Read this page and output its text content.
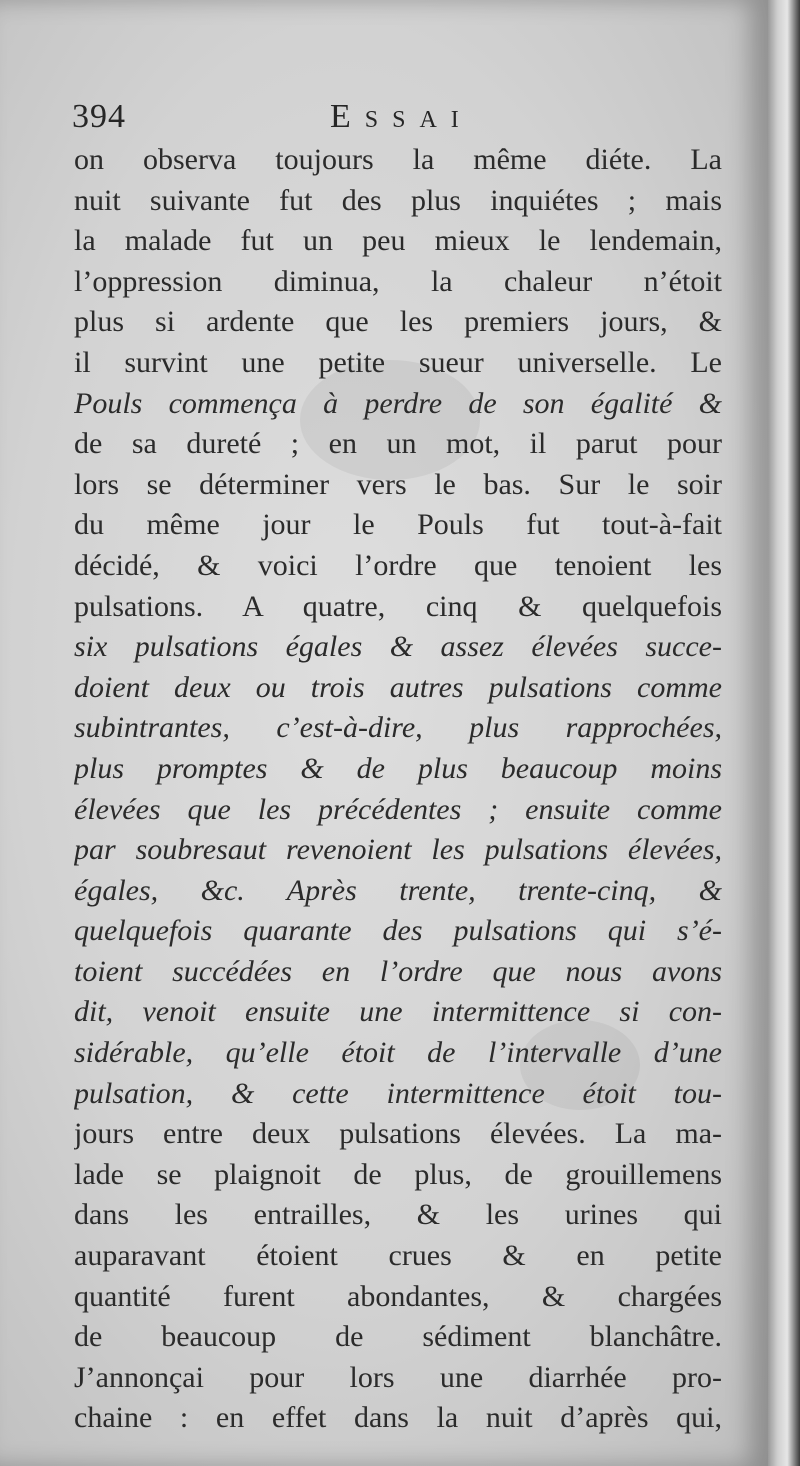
394	Essai
on observa toujours la même diéte. La
nuit suivante fut des plus inquiétes ; mais
la malade fut un peu mieux le lendemain,
l’oppression diminua, la chaleur n’étoit
plus si ardente que les premiers jours, &
il survint une petite sueur universelle. Le
Pouls commença à perdre de son égalité &
de sa dureté ; en un mot, il parut pour
lors se déterminer vers le bas. Sur le soir
du même jour le Pouls fut tout-à-fait
décidé, & voici l’ordre que tenoient les
pulsations. A quatre, cinq & quelquefois
six pulsations égales & assez élevées succe-
doient deux ou trois autres pulsations comme
subintrantes, c’est-à-dire, plus rapprochées,
plus promptes & de plus beaucoup moins
élevées que les précédentes ; ensuite comme
par soubresaut revenoient les pulsations élevées,
égales, &c. Après trente, trente-cinq, &
quelquefois quarante des pulsations qui s’é-
toient succédées en l’ordre que nous avons
dit, venoit ensuite une intermittence si con-
sidérable, qu’elle étoit de l’intervalle d’une
pulsation, & cette intermittence étoit tou-
jours entre deux pulsations élevées. La ma-
lade se plaignoit de plus, de grouillemens
dans les entrailles, & les urines qui
auparavant étoient crues & en petite
quantité furent abondantes, & chargées
de beaucoup de sédiment blanchâtre.
J’annonçai pour lors une diarrhée pro-
chaine : en effet dans la nuit d’après qui,
